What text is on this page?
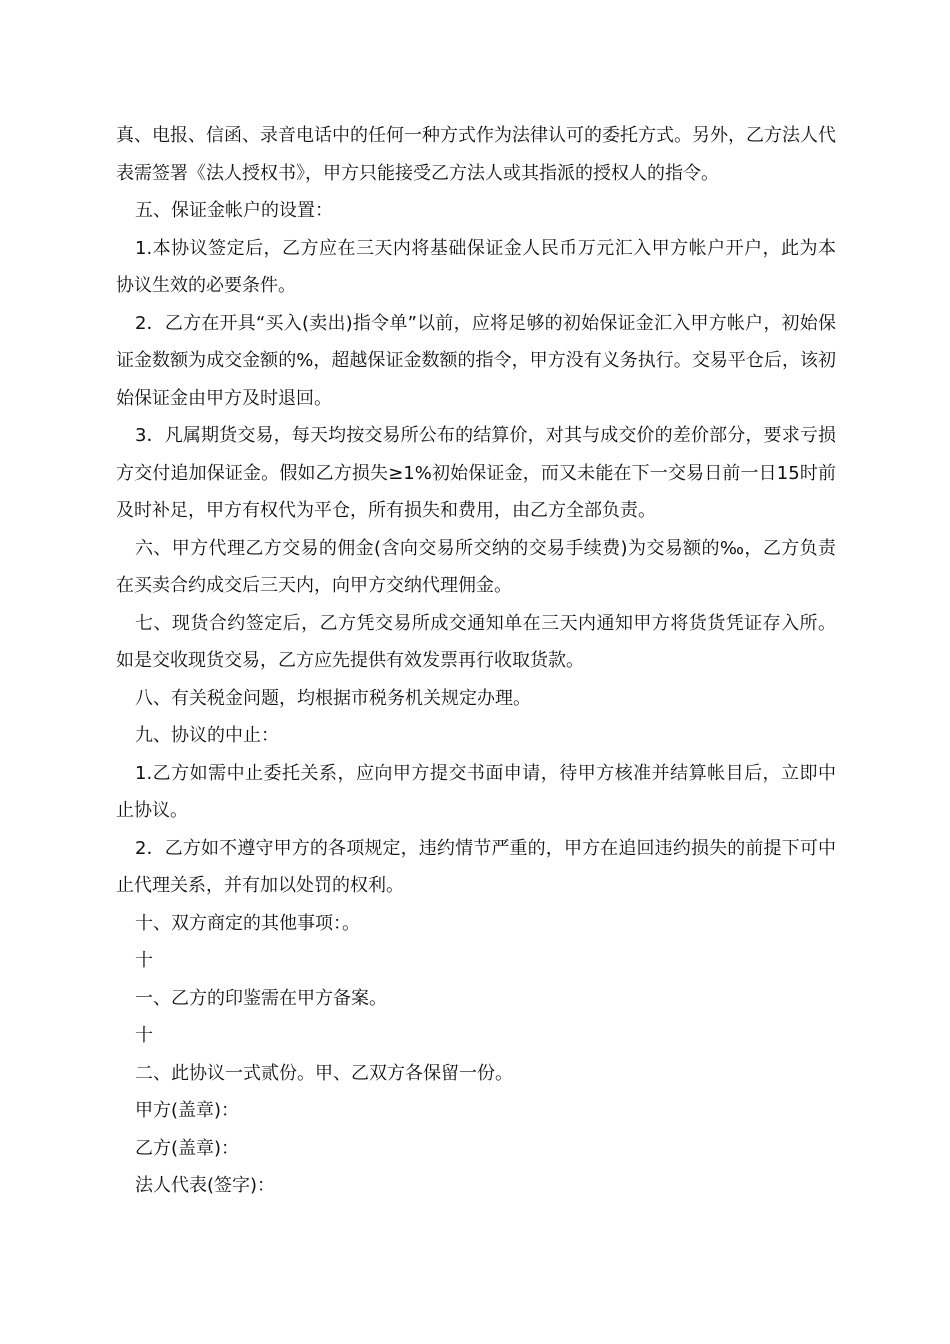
真、电报、信函、录音电话中的任何一种方式作为法律认可的委托方式。另外，乙方法人代表需签署《法人授权书》，甲方只能接受乙方法人或其指派的授权人的指令。

五、保证金帐户的设置：

1.本协议签定后，乙方应在三天内将基础保证金人民币万元汇入甲方帐户开户，此为本协议生效的必要条件。

2．乙方在开具“买入(卖出)指令单”以前，应将足够的初始保证金汇入甲方帐户，初始保证金数额为成交金额的%，超越保证金数额的指令，甲方没有义务执行。交易平仓后，该初始保证金由甲方及时退回。

3．凡属期货交易，每天均按交易所公布的结算价，对其与成交价的差价部分，要求亏损方交付追加保证金。假如乙方损失≥1%初始保证金，而又未能在下一交易日前一日15时前及时补足，甲方有权代为平仓，所有损失和费用，由乙方全部负责。

六、甲方代理乙方交易的佣金(含向交易所交纳的交易手续费)为交易额的‰，乙方负责在买卖合约成交后三天内，向甲方交纳代理佣金。

七、现货合约签定后，乙方凭交易所成交通知单在三天内通知甲方将货货凭证存入所。如是交收现货交易，乙方应先提供有效发票再行收取货款。

八、有关税金问题，均根据市税务机关规定办理。

九、协议的中止：

1.乙方如需中止委托关系，应向甲方提交书面申请，待甲方核准并结算帐目后，立即中止协议。

2．乙方如不遵守甲方的各项规定，违约情节严重的，甲方在追回违约损失的前提下可中止代理关系，并有加以处罚的权利。

十、双方商定的其他事项：。

十

一、乙方的印鉴需在甲方备案。

十

二、此协议一式贰份。甲、乙双方各保留一份。

甲方(盖章)：

乙方(盖章)：

法人代表(签字)：
